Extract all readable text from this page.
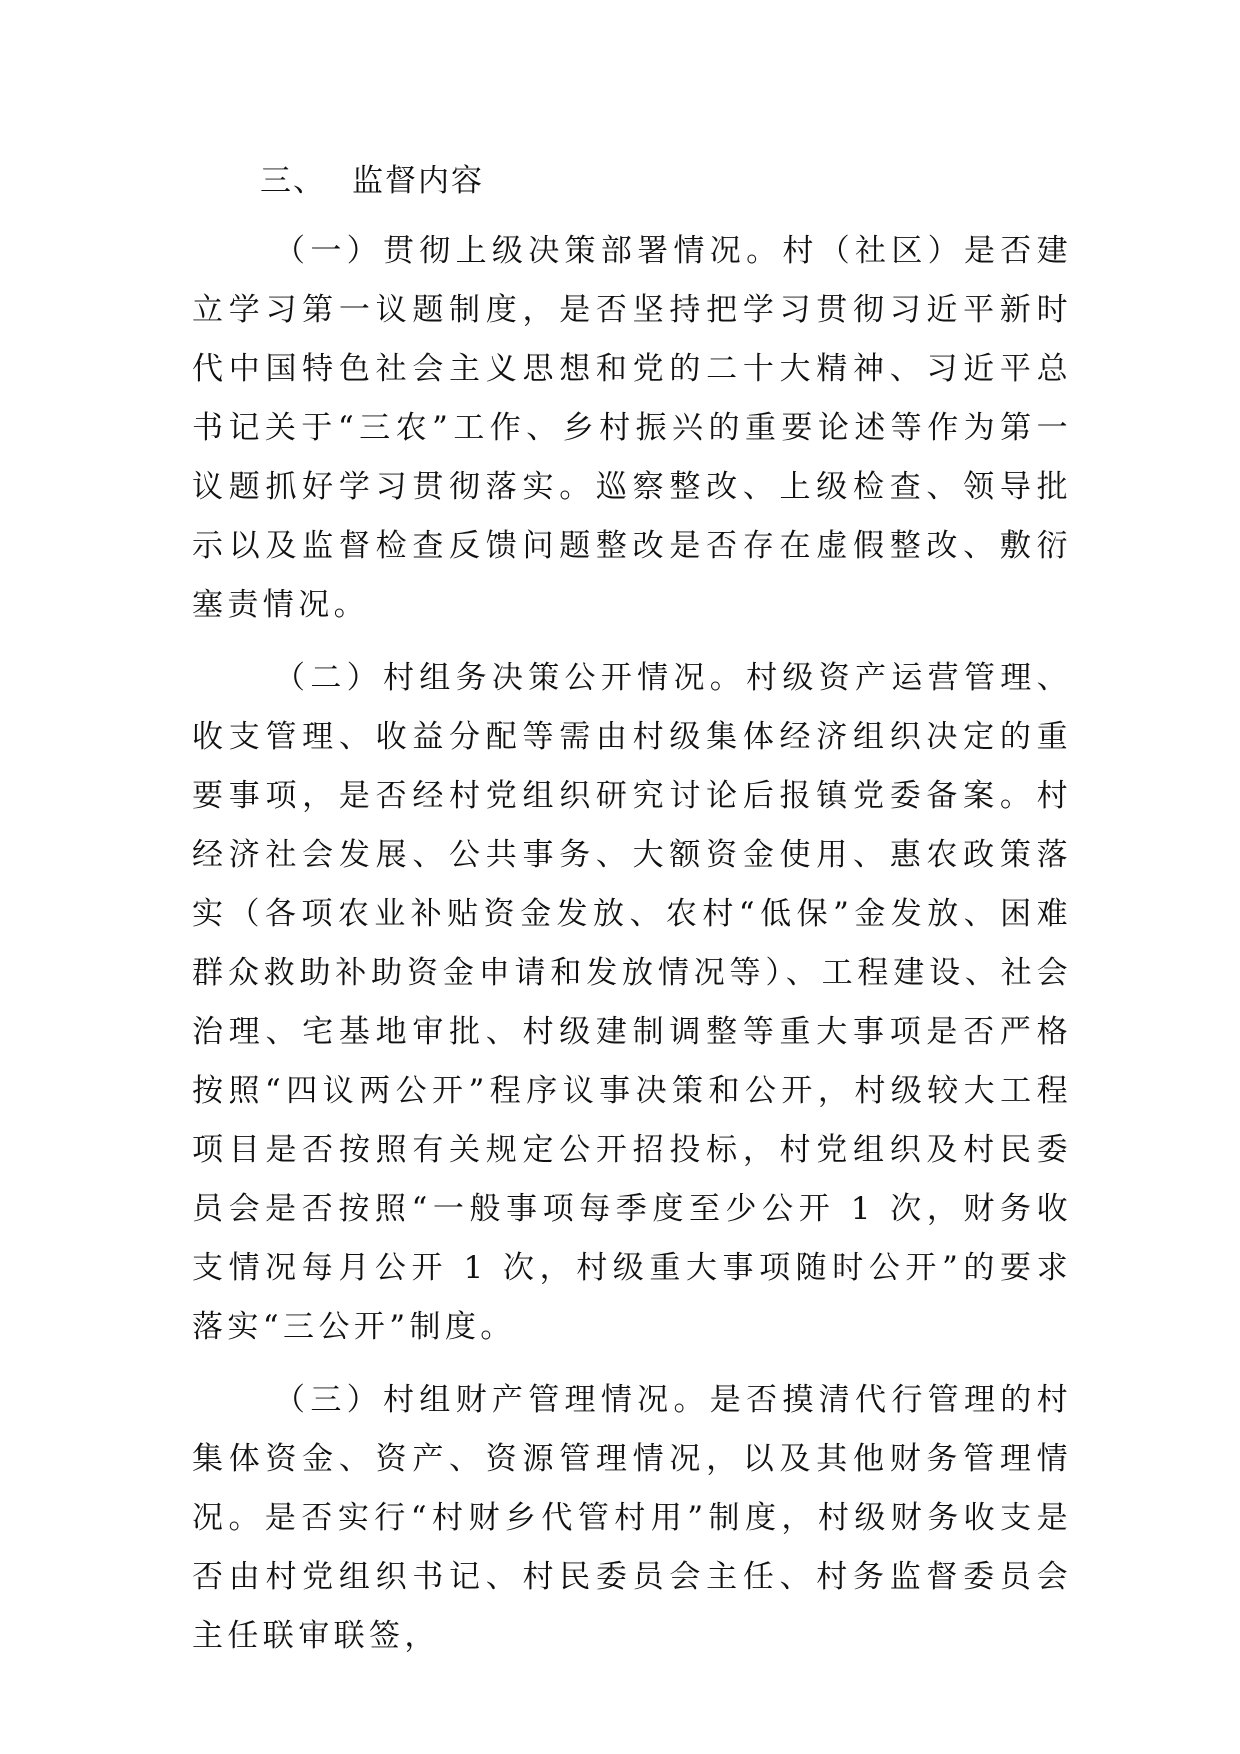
三、 监督内容

（一）贯彻上级决策部署情况。村（社区）是否建立学习第一议题制度，是否坚持把学习贯彻习近平新时代中国特色社会主义思想和党的二十大精神、习近平总书记关于“三农”工作、乡村振兴的重要论述等作为第一议题抓好学习贯彻落实。巡察整改、上级检查、领导批示以及监督检查反馈问题整改是否存在虚假整改、敷衍塞责情况。

（二）村组务决策公开情况。村级资产运营管理、收支管理、收益分配等需由村级集体经济组织决定的重要事项，是否经村党组织研究讨论后报镇党委备案。村经济社会发展、公共事务、大额资金使用、惠农政策落实（各项农业补贴资金发放、农村“低保”金发放、困难群众救助补助资金申请和发放情况等）、工程建设、社会治理、宅基地审批、村级建制调整等重大事项是否严格按照“四议两公开”程序议事决策和公开，村级较大工程项目是否按照有关规定公开招投标，村党组织及村民委员会是否按照“一般事项每季度至少公开 1 次，财务收支情况每月公开 1 次，村级重大事项随时公开”的要求落实“三公开”制度。

（三）村组财产管理情况。是否摸清代行管理的村集体资金、资产、资源管理情况，以及其他财务管理情况。是否实行“村财乡代管村用”制度，村级财务收支是否由村党组织书记、村民委员会主任、村务监督委员会主任联审联签，
